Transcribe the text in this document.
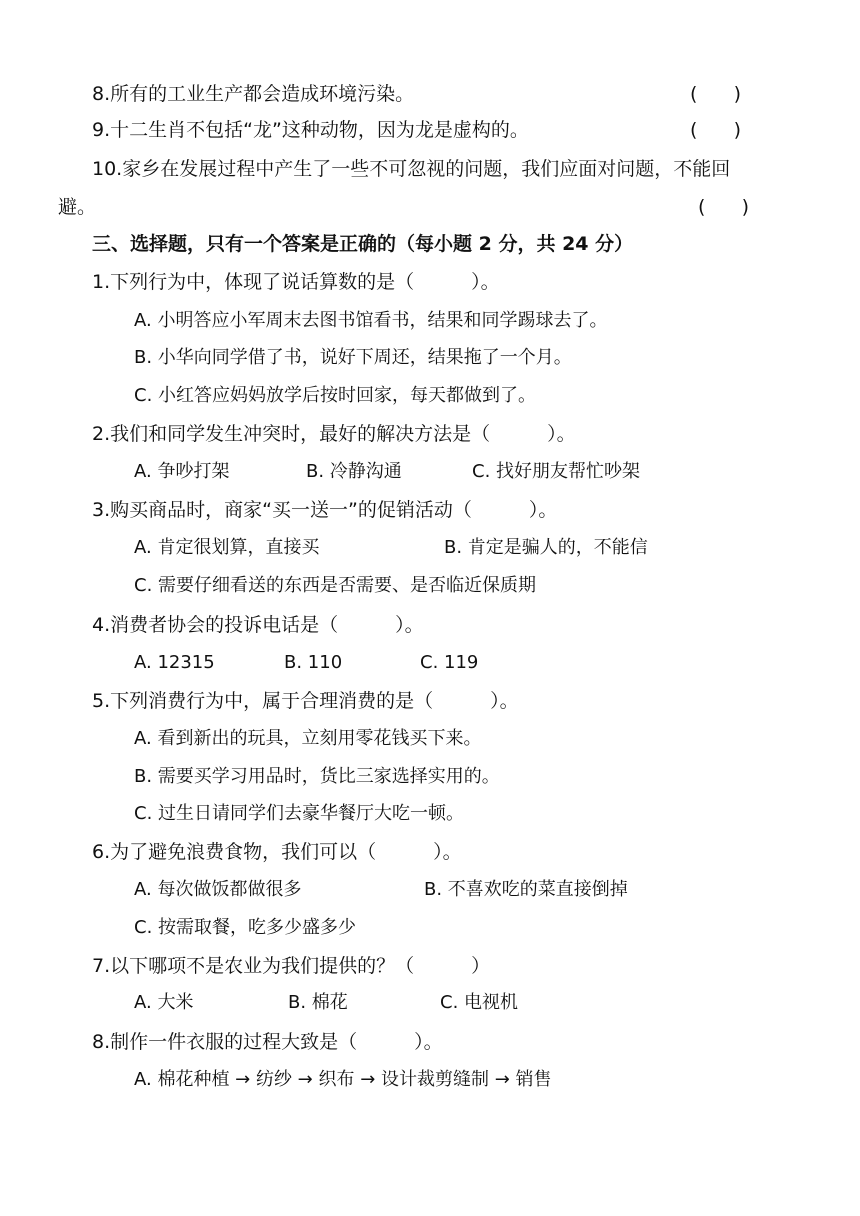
8.所有的工业生产都会造成环境污染。	(      )
9.十二生肖不包括“龙”这种动物，因为龙是虚构的。	(      )
10.家乡在发展过程中产生了一些不可忽视的问题，我们应面对问题，不能回
避。	(      )
三、选择题，只有一个答案是正确的（每小题 2 分，共 24 分）
1.下列行为中，体现了说话算数的是（　　　）。
A. 小明答应小军周末去图书馆看书，结果和同学踢球去了。
B. 小华向同学借了书，说好下周还，结果拖了一个月。
C. 小红答应妈妈放学后按时回家，每天都做到了。
2.我们和同学发生冲突时，最好的解决方法是（　　　）。
A. 争吵打架	B. 冷静沟通	C. 找好朋友帮忙吵架
3.购买商品时，商家“买一送一”的促销活动（　　　）。
A. 肯定很划算，直接买	B. 肯定是骗人的，不能信
C. 需要仔细看送的东西是否需要、是否临近保质期
4.消费者协会的投诉电话是（　　　）。
A. 12315	B. 110	C. 119
5.下列消费行为中，属于合理消费的是（　　　）。
A. 看到新出的玩具，立刻用零花钱买下来。
B. 需要买学习用品时，货比三家选择实用的。
C. 过生日请同学们去豪华餐厅大吃一顿。
6.为了避免浪费食物，我们可以（　　　）。
A. 每次做饭都做很多	B. 不喜欢吃的菜直接倒掉
C. 按需取餐，吃多少盛多少
7.以下哪项不是农业为我们提供的？（　　　）
A. 大米	B. 棉花	C. 电视机
8.制作一件衣服的过程大致是（　　　）。
A. 棉花种植 → 纺纱 → 织布 → 设计裁剪缝制 → 销售
